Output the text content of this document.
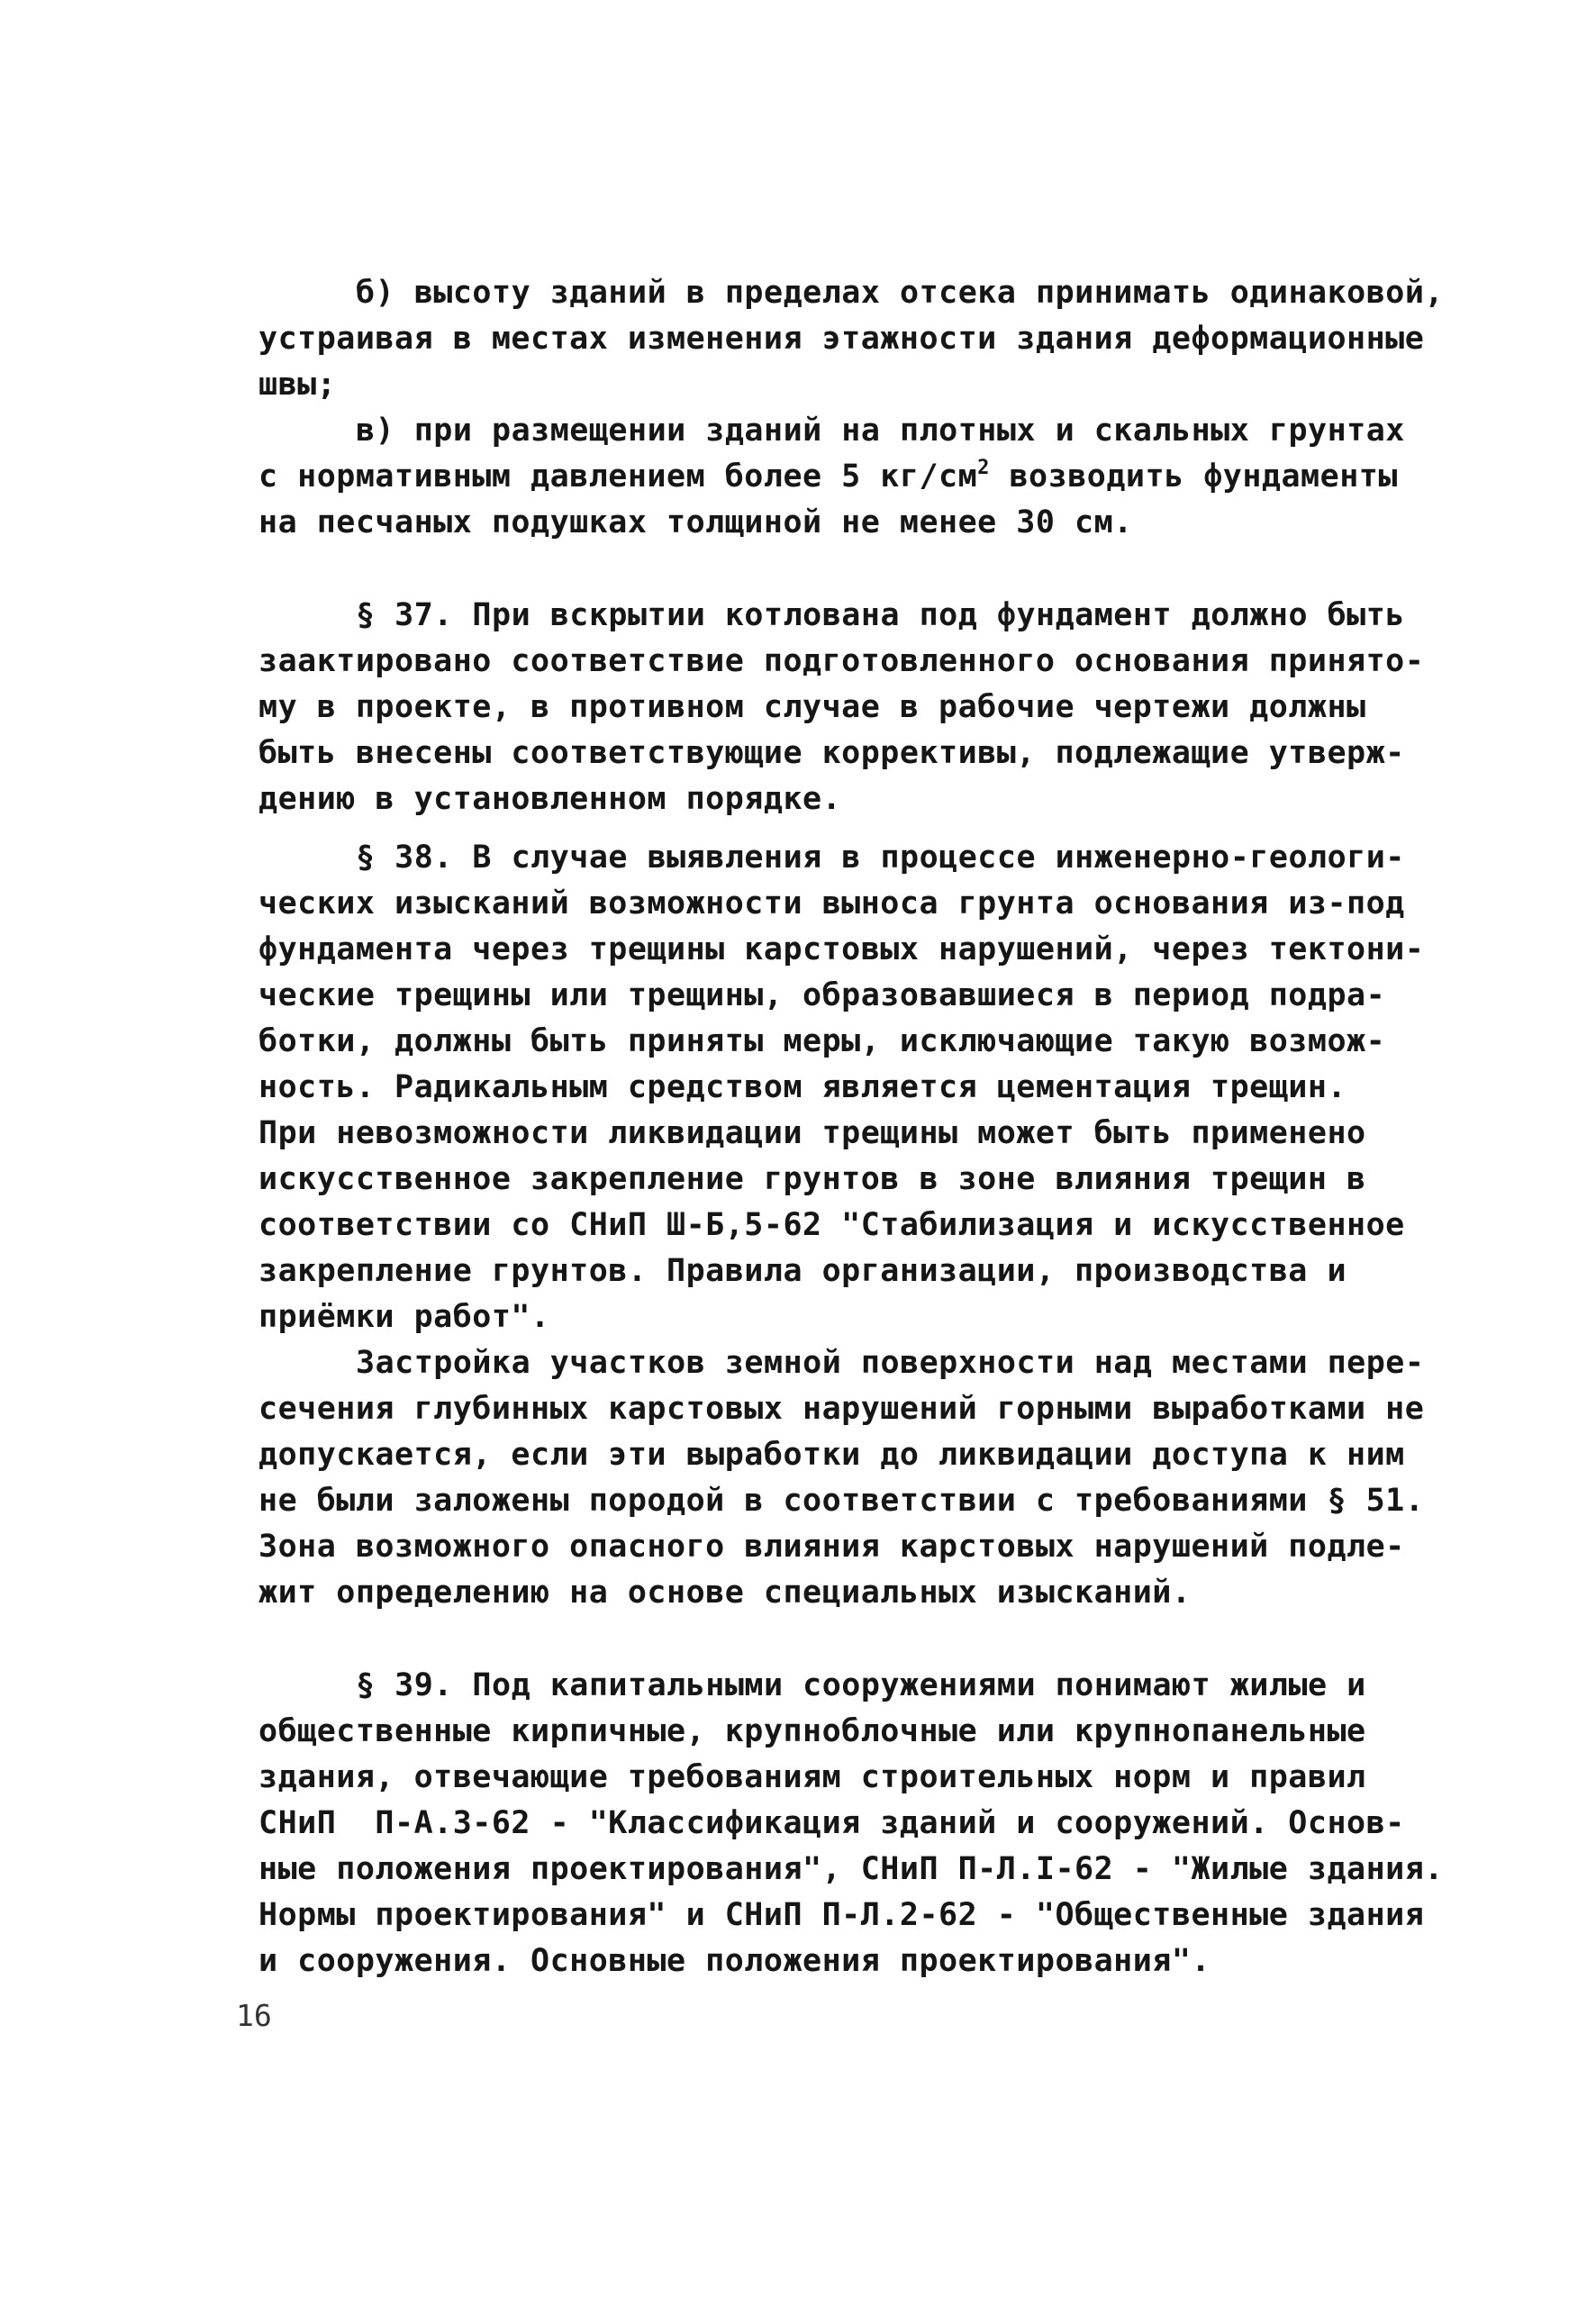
б) высоту зданий в пределах отсека принимать одинаковой,
устраивая в местах изменения этажности здания деформационные
швы;
в) при размещении зданий на плотных и скальных грунтах
с нормативным давлением более 5 $кг/см^2$ возводить фундаменты
на песчаных подушках толщиной не менее 30 см.
§ 37. При вскрытии котлована под фундамент должно быть
заактировано соответствие подготовленного основания принято-
му в проекте, в противном случае в рабочие чертежи должны
быть внесены соответствующие коррективы, подлежащие утверж-
дению в установленном порядке.
§ 38. В случае выявления в процессе инженерно-геологи-
ческих изысканий возможности выноса грунта основания из-под
фундамента через трещины карстовых нарушений, через тектони-
ческие трещины или трещины, образовавшиеся в период подра-
ботки, должны быть приняты меры, исключающие такую возмож-
ность. Радикальным средством является цементация трещин.
При невозможности ликвидации трещины может быть применено
искусственное закрепление грунтов в зоне влияния трещин в
соответствии со СНиП Ш-Б,5-62 "Стабилизация и искусственное
закрепление грунтов. Правила организации, производства и
приёмки работ".
Застройка участков земной поверхности над местами пере-
сечения глубинных карстовых нарушений горными выработками не
допускается, если эти выработки до ликвидации доступа к ним
не были заложены породой в соответствии с требованиями § 51.
Зона возможного опасного влияния карстовых нарушений подле-
жит определению на основе специальных изысканий.
§ 39. Под капитальными сооружениями понимают жилые и
общественные кирпичные, крупноблочные или крупнопанельные
здания, отвечающие требованиям строительных норм и правил
СНиП  П-А.3-62 - "Классификация зданий и сооружений. Основ-
ные положения проектирования", СНиП П-Л.I-62 - "Жилые здания.
Нормы проектирования" и СНиП П-Л.2-62 - "Общественные здания
и сооружения. Основные положения проектирования".
16
